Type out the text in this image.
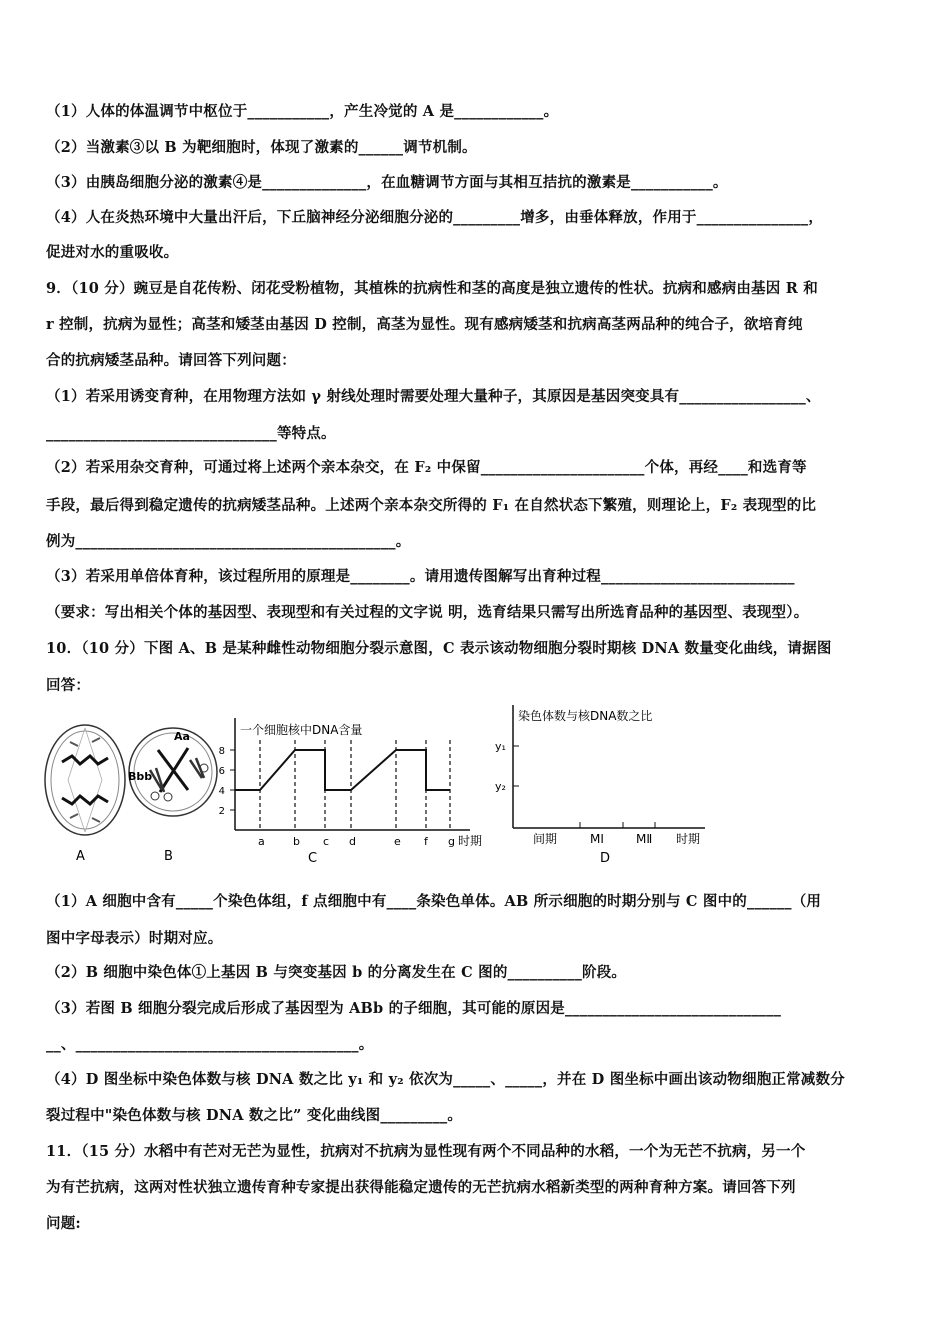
（1）人体的体温调节中枢位于___________，产生冷觉的 A 是____________。
（2）当激素③以 B 为靶细胞时，体现了激素的______调节机制。
（3）由胰岛细胞分泌的激素④是______________，在血糖调节方面与其相互拮抗的激素是___________。
（4）人在炎热环境中大量出汗后，下丘脑神经分泌细胞分泌的_________增多，由垂体释放，作用于_______________，
促进对水的重吸收。
9．（10 分）豌豆是自花传粉、闭花受粉植物，其植株的抗病性和茎的高度是独立遗传的性状。抗病和感病由基因 R 和
r 控制，抗病为显性；高茎和矮茎由基因 D 控制，高茎为显性。现有感病矮茎和抗病高茎两品种的纯合子，欲培育纯
合的抗病矮茎品种。请回答下列问题：
（1）若采用诱变育种，在用物理方法如 γ 射线处理时需要处理大量种子，其原因是基因突变具有_________________、
_______________________________等特点。
（2）若采用杂交育种，可通过将上述两个亲本杂交，在 F₂ 中保留______________________个体，再经____和选育等
手段，最后得到稳定遗传的抗病矮茎品种。上述两个亲本杂交所得的 F₁ 在自然状态下繁殖，则理论上，F₂ 表现型的比
例为___________________________________________。
（3）若采用单倍体育种，该过程所用的原理是________。请用遗传图解写出育种过程__________________________
（要求：写出相关个体的基因型、表现型和有关过程的文字说 明，选育结果只需写出所选育品种的基因型、表现型）。
10．（10 分）下图 A、B 是某种雌性动物细胞分裂示意图，C 表示该动物细胞分裂时期核 DNA 数量变化曲线，请据图
回答：
A
Bbb
Aa
B
一个细胞核中DNA含量
8
6
4
2
a	b c d	e f g 时期
C
染色体数与核DNA数之比
y₁
y₂
间期	MⅠ	MⅡ 时期
D
（1）A 细胞中含有_____个染色体组，f 点细胞中有____条染色单体。AB 所示细胞的时期分别与 C 图中的______（用
图中字母表示）时期对应。
（2）B 细胞中染色体①上基因 B 与突变基因 b 的分离发生在 C 图的__________阶段。
（3）若图 B 细胞分裂完成后形成了基因型为 ABb 的子细胞，其可能的原因是_____________________________
__、______________________________________。
（4）D 图坐标中染色体数与核 DNA 数之比 y₁ 和 y₂ 依次为_____、_____，并在 D 图坐标中画出该动物细胞正常减数分
裂过程中"染色体数与核 DNA 数之比” 变化曲线图_________。
11．（15 分）水稻中有芒对无芒为显性，抗病对不抗病为显性现有两个不同品种的水稻，一个为无芒不抗病，另一个
为有芒抗病，这两对性状独立遗传育种专家提出获得能稳定遗传的无芒抗病水稻新类型的两种育种方案。请回答下列
问题:
